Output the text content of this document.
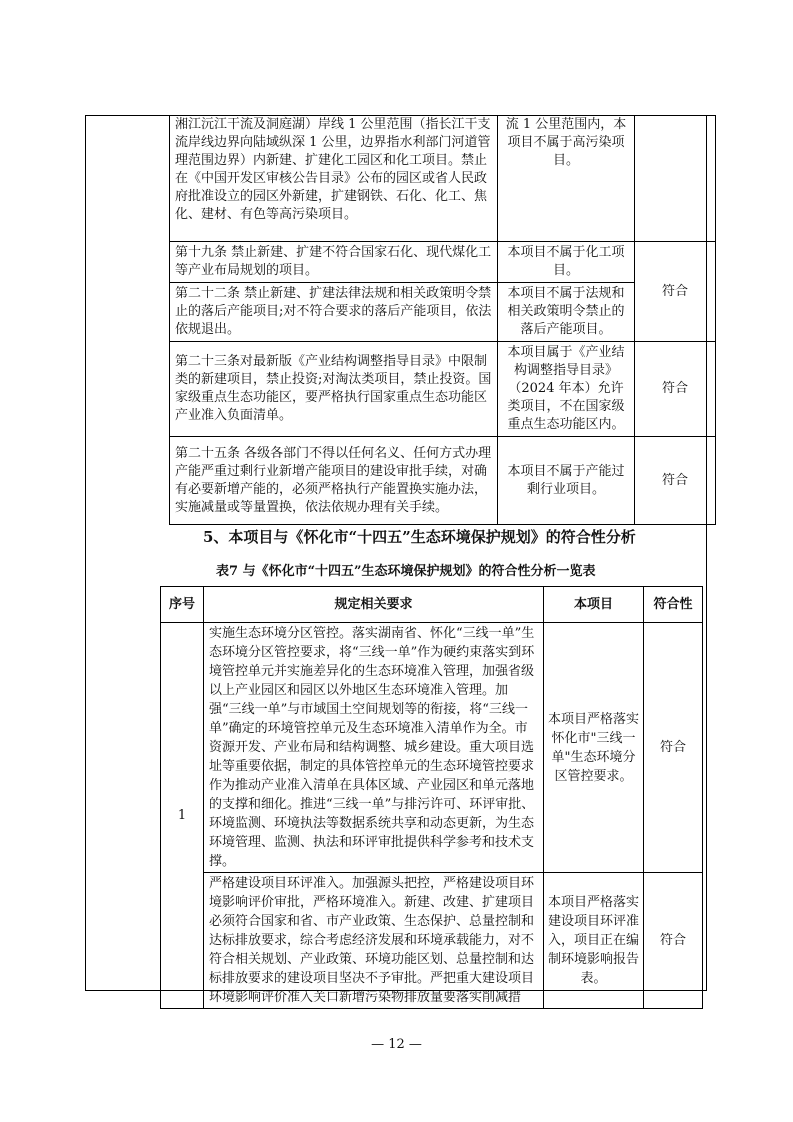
湘江沅江干流及洞庭湖）岸线 1 公里范围（指长江干支流岸线边界向陆域纵深 1 公里，边界指水利部门河道管理范围边界）内新建、扩建化工园区和化工项目。禁止在《中国开发区审核公告目录》公布的园区或省人民政府批准设立的园区外新建，扩建钢铁、石化、化工、焦化、建材、有色等高污染项目。	流 1 公里范围内，本项目不属于高污染项目。	
第十九条 禁止新建、扩建不符合国家石化、现代煤化工等产业布局规划的项目。	本项目不属于化工项目。	符合
第二十二条 禁止新建、扩建法律法规和相关政策明令禁止的落后产能项目;对不符合要求的落后产能项目，依法依规退出。	本项目不属于法规和相关政策明令禁止的落后产能项目。	
第二十三条对最新版《产业结构调整指导目录》中限制类的新建项目，禁止投资;对淘汰类项目，禁止投资。国家级重点生态功能区，要严格执行国家重点生态功能区产业准入负面清单。	本项目属于《产业结构调整指导目录》（2024 年本）允许类项目，不在国家级重点生态功能区内。	符合
第二十五条 各级各部门不得以任何名义、任何方式办理产能严重过剩行业新增产能项目的建设审批手续，对确有必要新增产能的，必须严格执行产能置换实施办法，实施减量或等量置换，依法依规办理有关手续。	本项目不属于产能过剩行业项目。	符合
5、本项目与《怀化市“十四五”生态环境保护规划》的符合性分析
表7 与《怀化市“十四五”生态环境保护规划》的符合性分析一览表
序号	规定相关要求	本项目	符合性
1	实施生态环境分区管控。落实湖南省、怀化“三线一单”生态环境分区管控要求，将“三线一单”作为硬约束落实到环境管控单元并实施差异化的生态环境准入管理，加强省级以上产业园区和园区以外地区生态环境准入管理。加强“三线一单”与市域国土空间规划等的衔接，将“三线一单”确定的环境管控单元及生态环境准入清单作为全。市资源开发、产业布局和结构调整、城乡建设。重大项目选址等重要依据，制定的具体管控单元的生态环境管控要求作为推动产业准入清单在具体区域、产业园区和单元落地的支撑和细化。推进“三线一单”与排污许可、环评审批、环境监测、环境执法等数据系统共享和动态更新，为生态环境管理、监测、执法和环评审批提供科学参考和技术支撑。	本项目严格落实怀化市"三线一单"生态环境分区管控要求。	符合
	严格建设项目环评准入。加强源头把控，严格建设项目环境影响评价审批，严格环境准入。新建、改建、扩建项目必须符合国家和省、市产业政策、生态保护、总量控制和达标排放要求，综合考虑经济发展和环境承载能力，对不符合相关规划、产业政策、环境功能区划、总量控制和达标排放要求的建设项目坚决不予审批。严把重大建设项目环境影响评价准入关口新增污染物排放量要落实削减措	本项目严格落实建设项目环评准入，项目正在编制环境影响报告表。	符合
— 12 —
